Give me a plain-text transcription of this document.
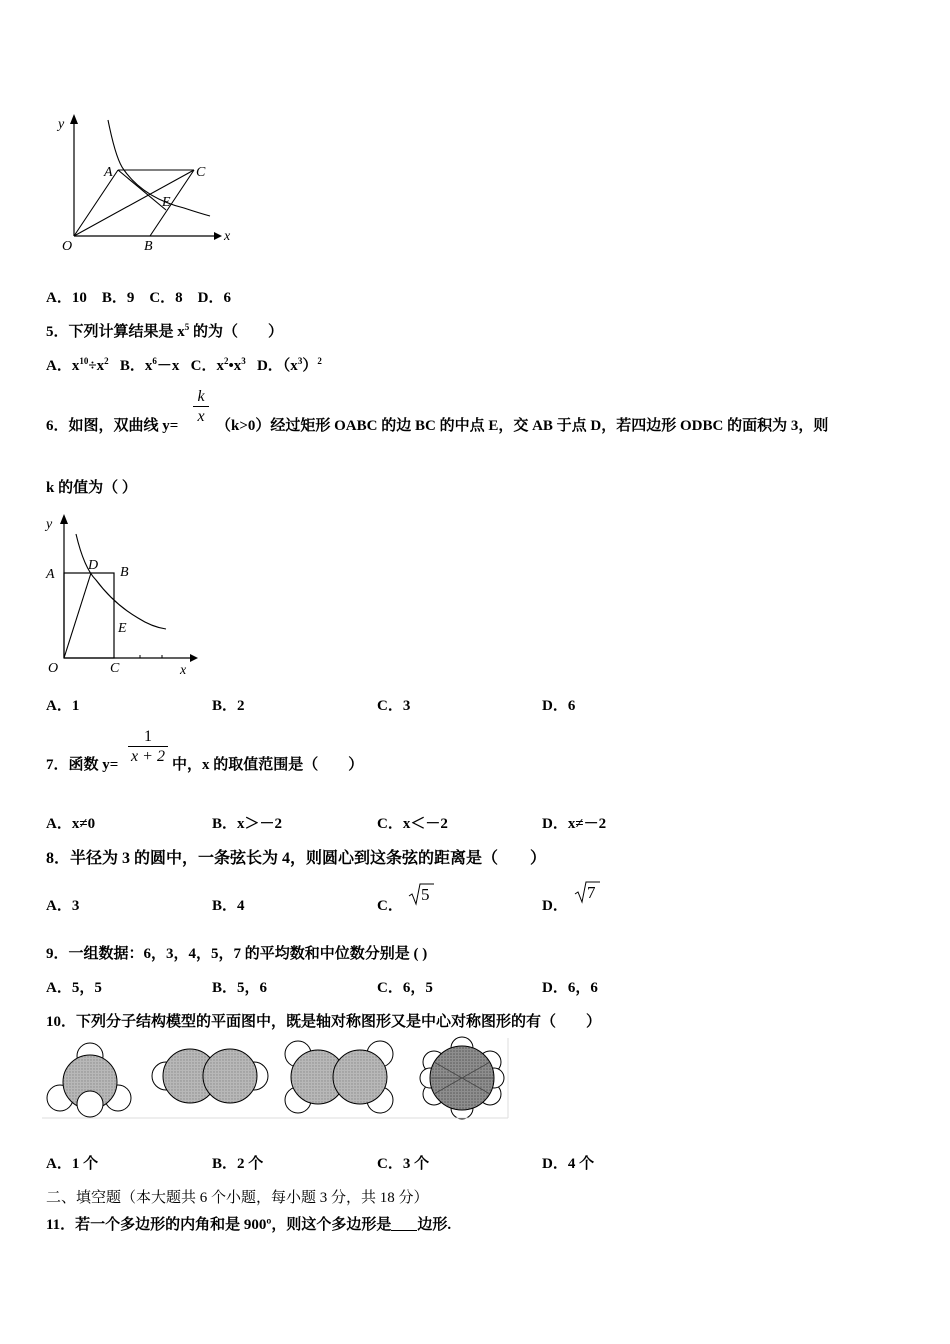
y
x
O
A
B
C
E
A．10　B．9　C．8　D．6
5．下列计算结果是 $x^5$ 的为（　　）
A．$x^{10}\div x^2$ B．$x^6-x$ C．$x^2•x^3$ D．$(x^3)^2$
6．如图，双曲线 $y= \frac{k}{x} (k>0)$经过矩形 OABC 的边 BC 的中点 E，交 AB 于点 D，若四边形 ODBC 的面积为 3，则
k 的值为（ ）
y
x
O
A
D B
E
C
A．1	B．2	C．3	D．6
7．函数 $y= \frac{1}{x + 2}$ 中，x 的取值范围是（　　）
A．x≠0	B．x＞－2	C．x＜－2	D．x≠－2
8．半径为 3 的圆中，一条弦长为 4，则圆心到这条弦的距离是（　　）
A．3	B．4	C．
5
D．
7
9．一组数据：6，3，4，5，7 的平均数和中位数分别是 ( )
A．5，5	B．5，6	C．6，5	D．6，6
10．下列分子结构模型的平面图中，既是轴对称图形又是中心对称图形的有（　　）
A．1 个	B．2 个	C．3 个	D．4 个
二、填空题（本大题共 6 个小题，每小题 3 分，共 18 分）
11．若一个多边形的内角和是 900º，则这个多边形是 边形.
